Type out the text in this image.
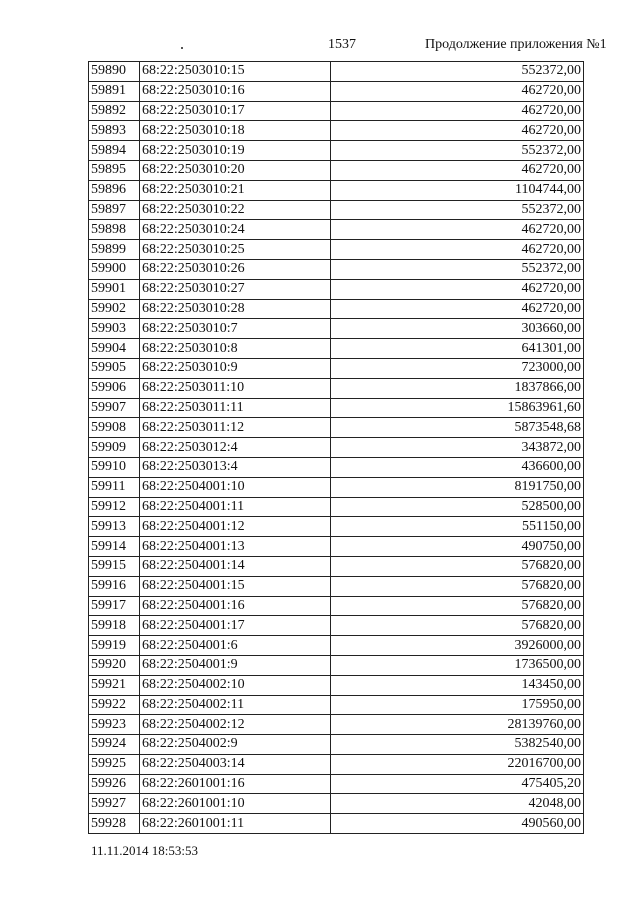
1537	Продолжение приложения №1
59890	68:22:2503010:15	552372,00
59891	68:22:2503010:16	462720,00
59892	68:22:2503010:17	462720,00
59893	68:22:2503010:18	462720,00
59894	68:22:2503010:19	552372,00
59895	68:22:2503010:20	462720,00
59896	68:22:2503010:21	1104744,00
59897	68:22:2503010:22	552372,00
59898	68:22:2503010:24	462720,00
59899	68:22:2503010:25	462720,00
59900	68:22:2503010:26	552372,00
59901	68:22:2503010:27	462720,00
59902	68:22:2503010:28	462720,00
59903	68:22:2503010:7	303660,00
59904	68:22:2503010:8	641301,00
59905	68:22:2503010:9	723000,00
59906	68:22:2503011:10	1837866,00
59907	68:22:2503011:11	15863961,60
59908	68:22:2503011:12	5873548,68
59909	68:22:2503012:4	343872,00
59910	68:22:2503013:4	436600,00
59911	68:22:2504001:10	8191750,00
59912	68:22:2504001:11	528500,00
59913	68:22:2504001:12	551150,00
59914	68:22:2504001:13	490750,00
59915	68:22:2504001:14	576820,00
59916	68:22:2504001:15	576820,00
59917	68:22:2504001:16	576820,00
59918	68:22:2504001:17	576820,00
59919	68:22:2504001:6	3926000,00
59920	68:22:2504001:9	1736500,00
59921	68:22:2504002:10	143450,00
59922	68:22:2504002:11	175950,00
59923	68:22:2504002:12	28139760,00
59924	68:22:2504002:9	5382540,00
59925	68:22:2504003:14	22016700,00
59926	68:22:2601001:16	475405,20
59927	68:22:2601001:10	42048,00
59928	68:22:2601001:11	490560,00
11.11.2014 18:53:53
